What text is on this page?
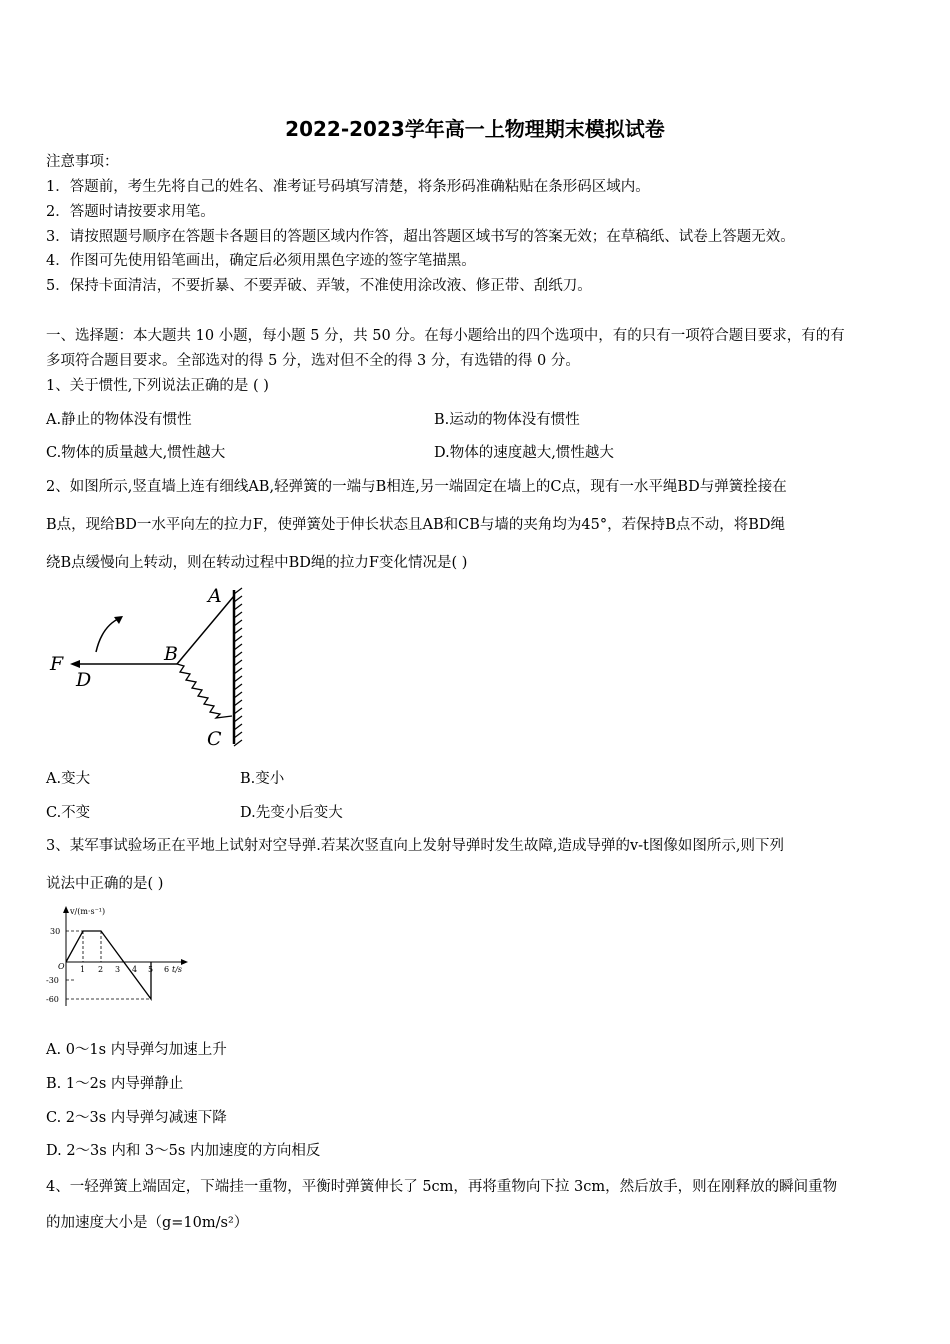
2022-2023学年高一上物理期末模拟试卷
注意事项：
1．答题前，考生先将自己的姓名、准考证号码填写清楚，将条形码准确粘贴在条形码区域内。
2．答题时请按要求用笔。
3．请按照题号顺序在答题卡各题目的答题区域内作答，超出答题区域书写的答案无效；在草稿纸、试卷上答题无效。
4．作图可先使用铅笔画出，确定后必须用黑色字迹的签字笔描黑。
5．保持卡面清洁，不要折暴、不要弄破、弄皱，不准使用涂改液、修正带、刮纸刀。
一、选择题：本大题共 10 小题，每小题 5 分，共 50 分。在每小题给出的四个选项中，有的只有一项符合题目要求，有的有
多项符合题目要求。全部选对的得 5 分，选对但不全的得 3 分，有选错的得 0 分。
1、关于惯性,下列说法正确的是 ( )
A.静止的物体没有惯性	B.运动的物体没有惯性
C.物体的质量越大,惯性越大	D.物体的速度越大,惯性越大
2、如图所示,竖直墙上连有细线AB,轻弹簧的一端与B相连,另一端固定在墙上的C点，现有一水平绳BD与弹簧拴接在
B点，现给BD一水平向左的拉力F，使弹簧处于伸长状态且AB和CB与墙的夹角均为45°，若保持B点不动，将BD绳
绕B点缓慢向上转动，则在转动过程中BD绳的拉力F变化情况是( )
A
B
C
D
F
A.变大	B.变小
C.不变	D.先变小后变大
3、某军事试验场正在平地上试射对空导弹.若某次竖直向上发射导弹时发生故障,造成导弹的v-t图像如图所示,则下列
说法中正确的是( )
v/(m·s⁻¹)
t/s
O 1 2 3 4 5 6
30
-30
-60
A. 0～1s 内导弹匀加速上升
B. 1～2s 内导弹静止
C. 2～3s 内导弹匀减速下降
D. 2～3s 内和 3～5s 内加速度的方向相反
4、一轻弹簧上端固定，下端挂一重物，平衡时弹簧伸长了 5cm，再将重物向下拉 3cm，然后放手，则在刚释放的瞬间重物
的加速度大小是（g=10m/s²）
